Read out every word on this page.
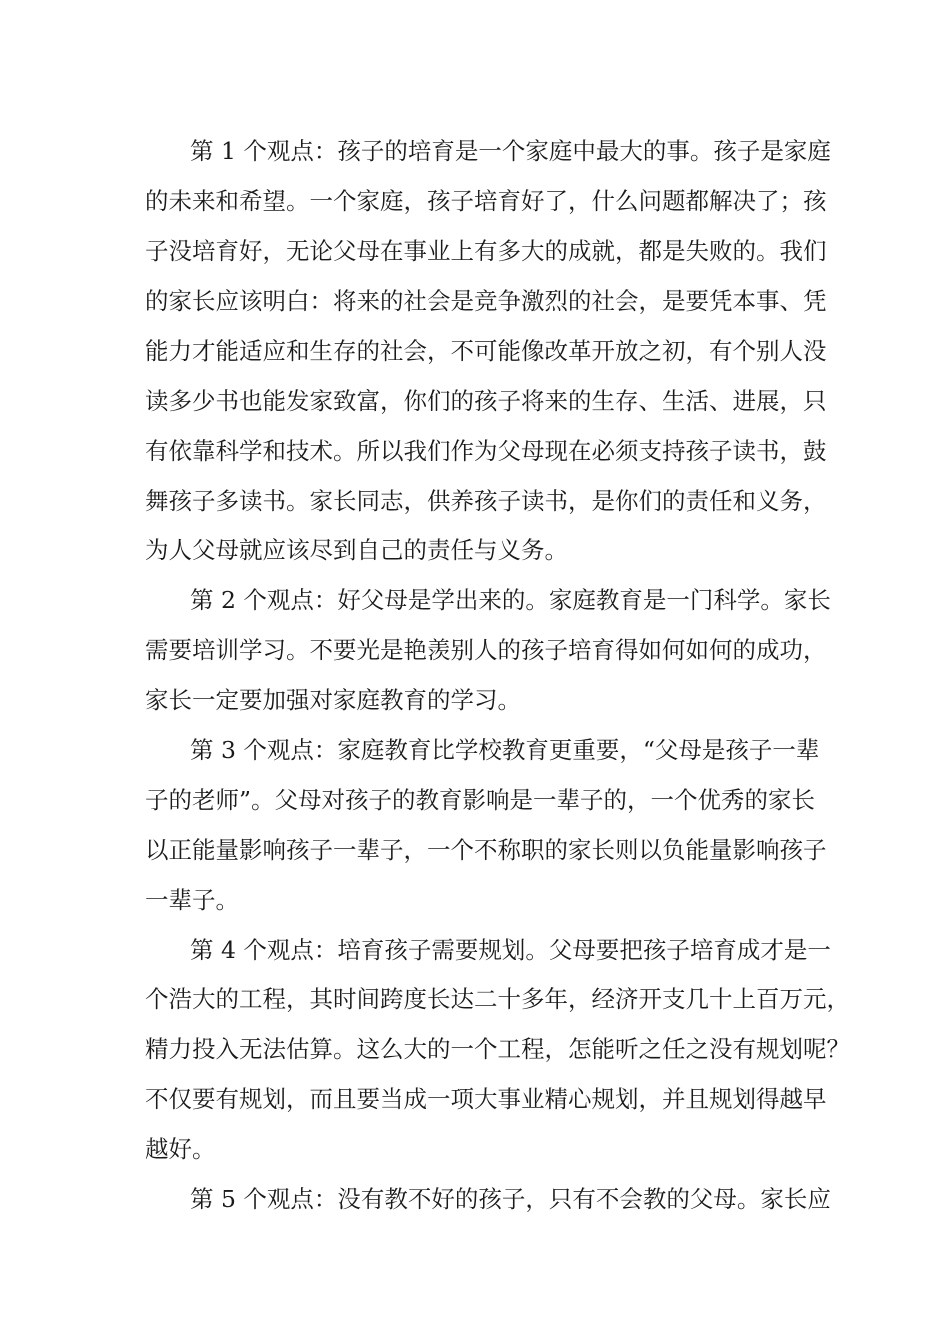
第 1 个观点：孩子的培育是一个家庭中最大的事。孩子是家庭
的未来和希望。一个家庭，孩子培育好了，什么问题都解决了；孩
子没培育好，无论父母在事业上有多大的成就，都是失败的。我们
的家长应该明白：将来的社会是竞争激烈的社会，是要凭本事、凭
能力才能适应和生存的社会，不可能像改革开放之初，有个别人没
读多少书也能发家致富，你们的孩子将来的生存、生活、进展，只
有依靠科学和技术。所以我们作为父母现在必须支持孩子读书，鼓
舞孩子多读书。家长同志，供养孩子读书，是你们的责任和义务，
为人父母就应该尽到自己的责任与义务。
第 2 个观点：好父母是学出来的。家庭教育是一门科学。家长
需要培训学习。不要光是艳羡别人的孩子培育得如何如何的成功，
家长一定要加强对家庭教育的学习。
第 3 个观点：家庭教育比学校教育更重要，“父母是孩子一辈
子的老师”。父母对孩子的教育影响是一辈子的，一个优秀的家长
以正能量影响孩子一辈子，一个不称职的家长则以负能量影响孩子
一辈子。
第 4 个观点：培育孩子需要规划。父母要把孩子培育成才是一
个浩大的工程，其时间跨度长达二十多年，经济开支几十上百万元，
精力投入无法估算。这么大的一个工程，怎能听之任之没有规划呢？
不仅要有规划，而且要当成一项大事业精心规划，并且规划得越早
越好。
第 5 个观点：没有教不好的孩子，只有不会教的父母。家长应
